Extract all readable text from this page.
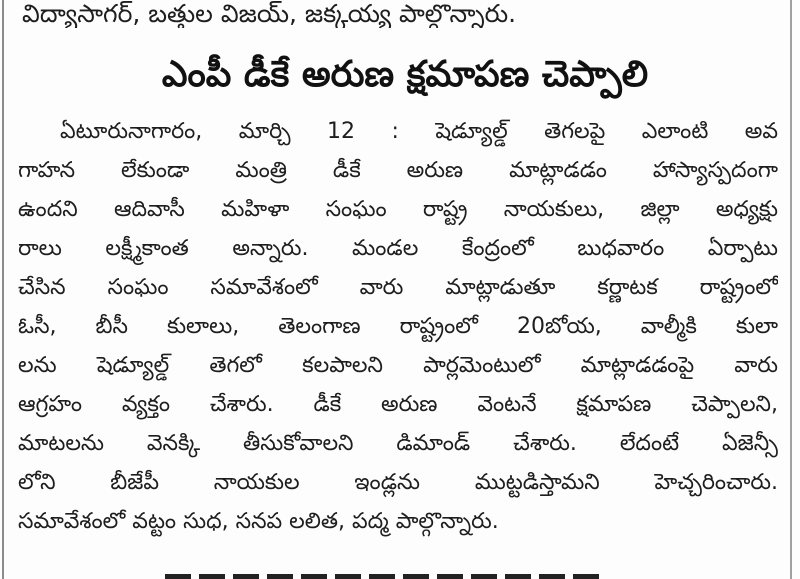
విద్యాసాగర్, బత్తుల విజయ్, జక్కయ్య పాల్గొన్నారు.
ఎంపీ డీకే అరుణ క్షమాపణ చెప్పాలి
ఏటూరునాగారం, మార్చి 12 : షెడ్యూల్డ్ తెగలపై ఎలాంటి అవ
గాహన లేకుండా మంత్రి డీకే అరుణ మాట్లాడడం హాస్యాస్పదంగా
ఉందని ఆదివాసీ మహిళా సంఘం రాష్ట్ర నాయకులు, జిల్లా అధ్యక్షు
రాలు లక్ష్మీకాంత అన్నారు. మండల కేంద్రంలో బుధవారం ఏర్పాటు
చేసిన సంఘం సమావేశంలో వారు మాట్లాడుతూ కర్ణాటక రాష్ట్రంలో
ఓసీ, బీసీ కులాలు, తెలంగాణ రాష్ట్రంలో 20బోయ, వాల్మీకి కులా
లను షెడ్యూల్డ్ తెగలో కలపాలని పార్లమెంటులో మాట్లాడడంపై వారు
ఆగ్రహం వ్యక్తం చేశారు. డీకే అరుణ వెంటనే క్షమాపణ చెప్పాలని,
మాటలను వెనక్కి తీసుకోవాలని డిమాండ్ చేశారు. లేదంటే ఏజెన్సీ
లోని బీజేపీ నాయకుల ఇండ్లను ముట్టడిస్తామని హెచ్చరించారు.
సమావేశంలో వట్టం సుధ, సనప లలిత, పద్మ పాల్గొన్నారు.
